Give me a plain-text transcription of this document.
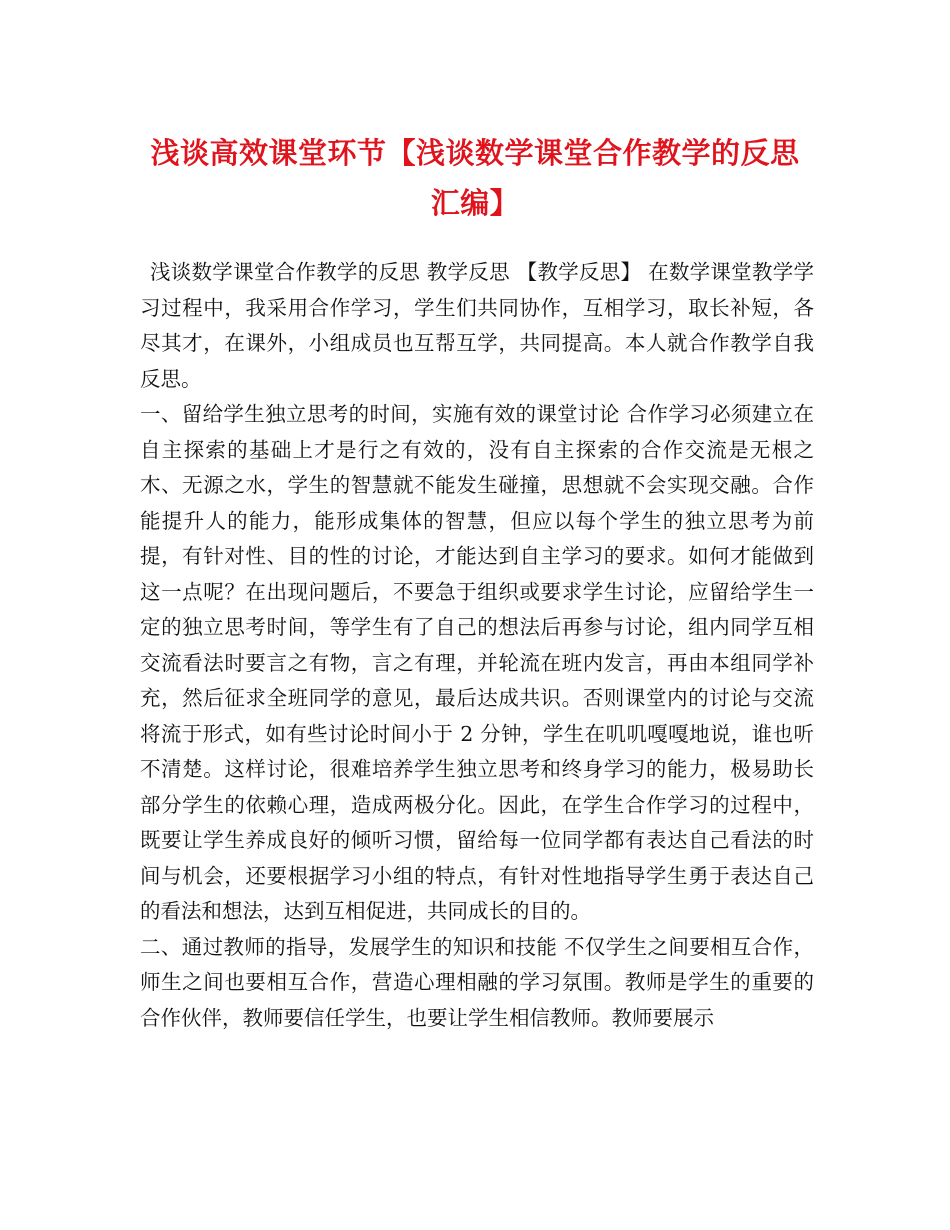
浅谈高效课堂环节【浅谈数学课堂合作教学的反思汇编】

浅谈数学课堂合作教学的反思 教学反思 【教学反思】 在数学课堂教学学习过程中，我采用合作学习，学生们共同协作，互相学习，取长补短，各尽其才，在课外，小组成员也互帮互学，共同提高。本人就合作教学自我反思。

一、留给学生独立思考的时间，实施有效的课堂讨论 合作学习必须建立在自主探索的基础上才是行之有效的，没有自主探索的合作交流是无根之木、无源之水，学生的智慧就不能发生碰撞，思想就不会实现交融。合作能提升人的能力，能形成集体的智慧，但应以每个学生的独立思考为前提，有针对性、目的性的讨论，才能达到自主学习的要求。如何才能做到这一点呢？在出现问题后，不要急于组织或要求学生讨论，应留给学生一定的独立思考时间，等学生有了自己的想法后再参与讨论，组内同学互相交流看法时要言之有物，言之有理，并轮流在班内发言，再由本组同学补充，然后征求全班同学的意见，最后达成共识。否则课堂内的讨论与交流将流于形式，如有些讨论时间小于 2 分钟，学生在叽叽嘎嘎地说，谁也听不清楚。这样讨论，很难培养学生独立思考和终身学习的能力，极易助长部分学生的依赖心理，造成两极分化。因此，在学生合作学习的过程中，既要让学生养成良好的倾听习惯，留给每一位同学都有表达自己看法的时间与机会，还要根据学习小组的特点，有针对性地指导学生勇于表达自己的看法和想法，达到互相促进，共同成长的目的。

二、通过教师的指导，发展学生的知识和技能 不仅学生之间要相互合作，师生之间也要相互合作，营造心理相融的学习氛围。教师是学生的重要的合作伙伴，教师要信任学生，也要让学生相信教师。教师要展示
